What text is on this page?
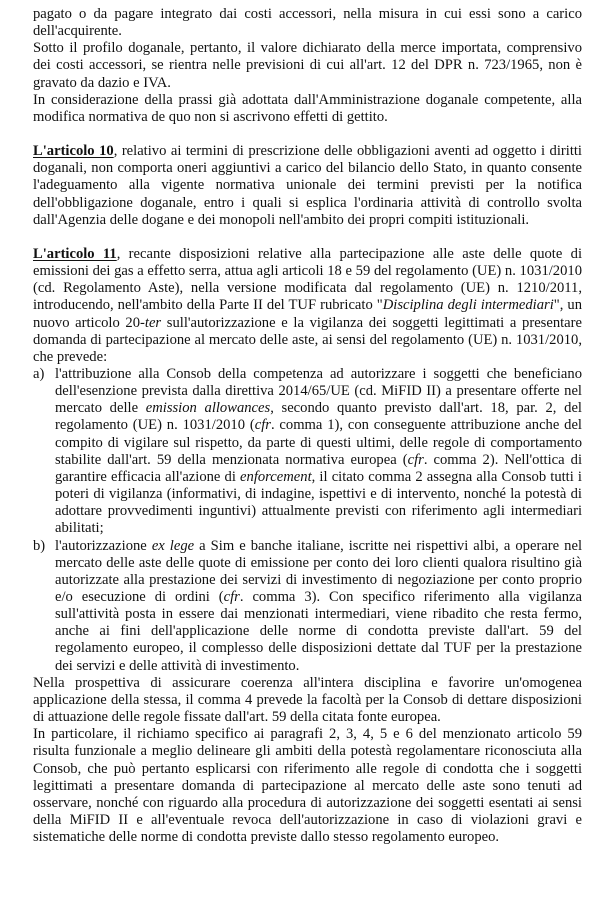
pagato o da pagare integrato dai costi accessori, nella misura in cui essi sono a carico dell'acquirente.

Sotto il profilo doganale, pertanto, il valore dichiarato della merce importata, comprensivo dei costi accessori, se rientra nelle previsioni di cui all'art. 12 del DPR n. 723/1965, non è gravato da dazio e IVA.

In considerazione della prassi già adottata dall'Amministrazione doganale competente, alla modifica normativa de quo non si ascrivono effetti di gettito.

L'articolo 10, relativo ai termini di prescrizione delle obbligazioni aventi ad oggetto i diritti doganali, non comporta oneri aggiuntivi a carico del bilancio dello Stato, in quanto consente l'adeguamento alla vigente normativa unionale dei termini previsti per la notifica dell'obbligazione doganale, entro i quali si esplica l'ordinaria attività di controllo svolta dall'Agenzia delle dogane e dei monopoli nell'ambito dei propri compiti istituzionali.

L'articolo 11, recante disposizioni relative alla partecipazione alle aste delle quote di emissioni dei gas a effetto serra, attua agli articoli 18 e 59 del regolamento (UE) n. 1031/2010 (cd. Regolamento Aste), nella versione modificata dal regolamento (UE) n. 1210/2011, introducendo, nell'ambito della Parte II del TUF rubricato "Disciplina degli intermediari", un nuovo articolo 20-ter sull'autorizzazione e la vigilanza dei soggetti legittimati a presentare domanda di partecipazione al mercato delle aste, ai sensi del regolamento (UE) n. 1031/2010, che prevede:

a) l'attribuzione alla Consob della competenza ad autorizzare i soggetti che beneficiano dell'esenzione prevista dalla direttiva 2014/65/UE (cd. MiFID II) a presentare offerte nel mercato delle emission allowances, secondo quanto previsto dall'art. 18, par. 2, del regolamento (UE) n. 1031/2010 (cfr. comma 1), con conseguente attribuzione anche del compito di vigilare sul rispetto, da parte di questi ultimi, delle regole di comportamento stabilite dall'art. 59 della menzionata normativa europea (cfr. comma 2). Nell'ottica di garantire efficacia all'azione di enforcement, il citato comma 2 assegna alla Consob tutti i poteri di vigilanza (informativi, di indagine, ispettivi e di intervento, nonché la potestà di adottare provvedimenti inguntivi) attualmente previsti con riferimento agli intermediari abilitati;
b) l'autorizzazione ex lege a Sim e banche italiane, iscritte nei rispettivi albi, a operare nel mercato delle aste delle quote di emissione per conto dei loro clienti qualora risultino già autorizzate alla prestazione dei servizi di investimento di negoziazione per conto proprio e/o esecuzione di ordini (cfr. comma 3). Con specifico riferimento alla vigilanza sull'attività posta in essere dai menzionati intermediari, viene ribadito che resta fermo, anche ai fini dell'applicazione delle norme di condotta previste dall'art. 59 del regolamento europeo, il complesso delle disposizioni dettate dal TUF per la prestazione dei servizi e delle attività di investimento.

Nella prospettiva di assicurare coerenza all'intera disciplina e favorire un'omogenea applicazione della stessa, il comma 4 prevede la facoltà per la Consob di dettare disposizioni di attuazione delle regole fissate dall'art. 59 della citata fonte europea.

In particolare, il richiamo specifico ai paragrafi 2, 3, 4, 5 e 6 del menzionato articolo 59 risulta funzionale a meglio delineare gli ambiti della potestà regolamentare riconosciuta alla Consob, che può pertanto esplicarsi con riferimento alle regole di condotta che i soggetti legittimati a presentare domanda di partecipazione al mercato delle aste sono tenuti ad osservare, nonché con riguardo alla procedura di autorizzazione dei soggetti esentati ai sensi della MiFID II e all'eventuale revoca dell'autorizzazione in caso di violazioni gravi e sistematiche delle norme di condotta previste dallo stesso regolamento europeo.
